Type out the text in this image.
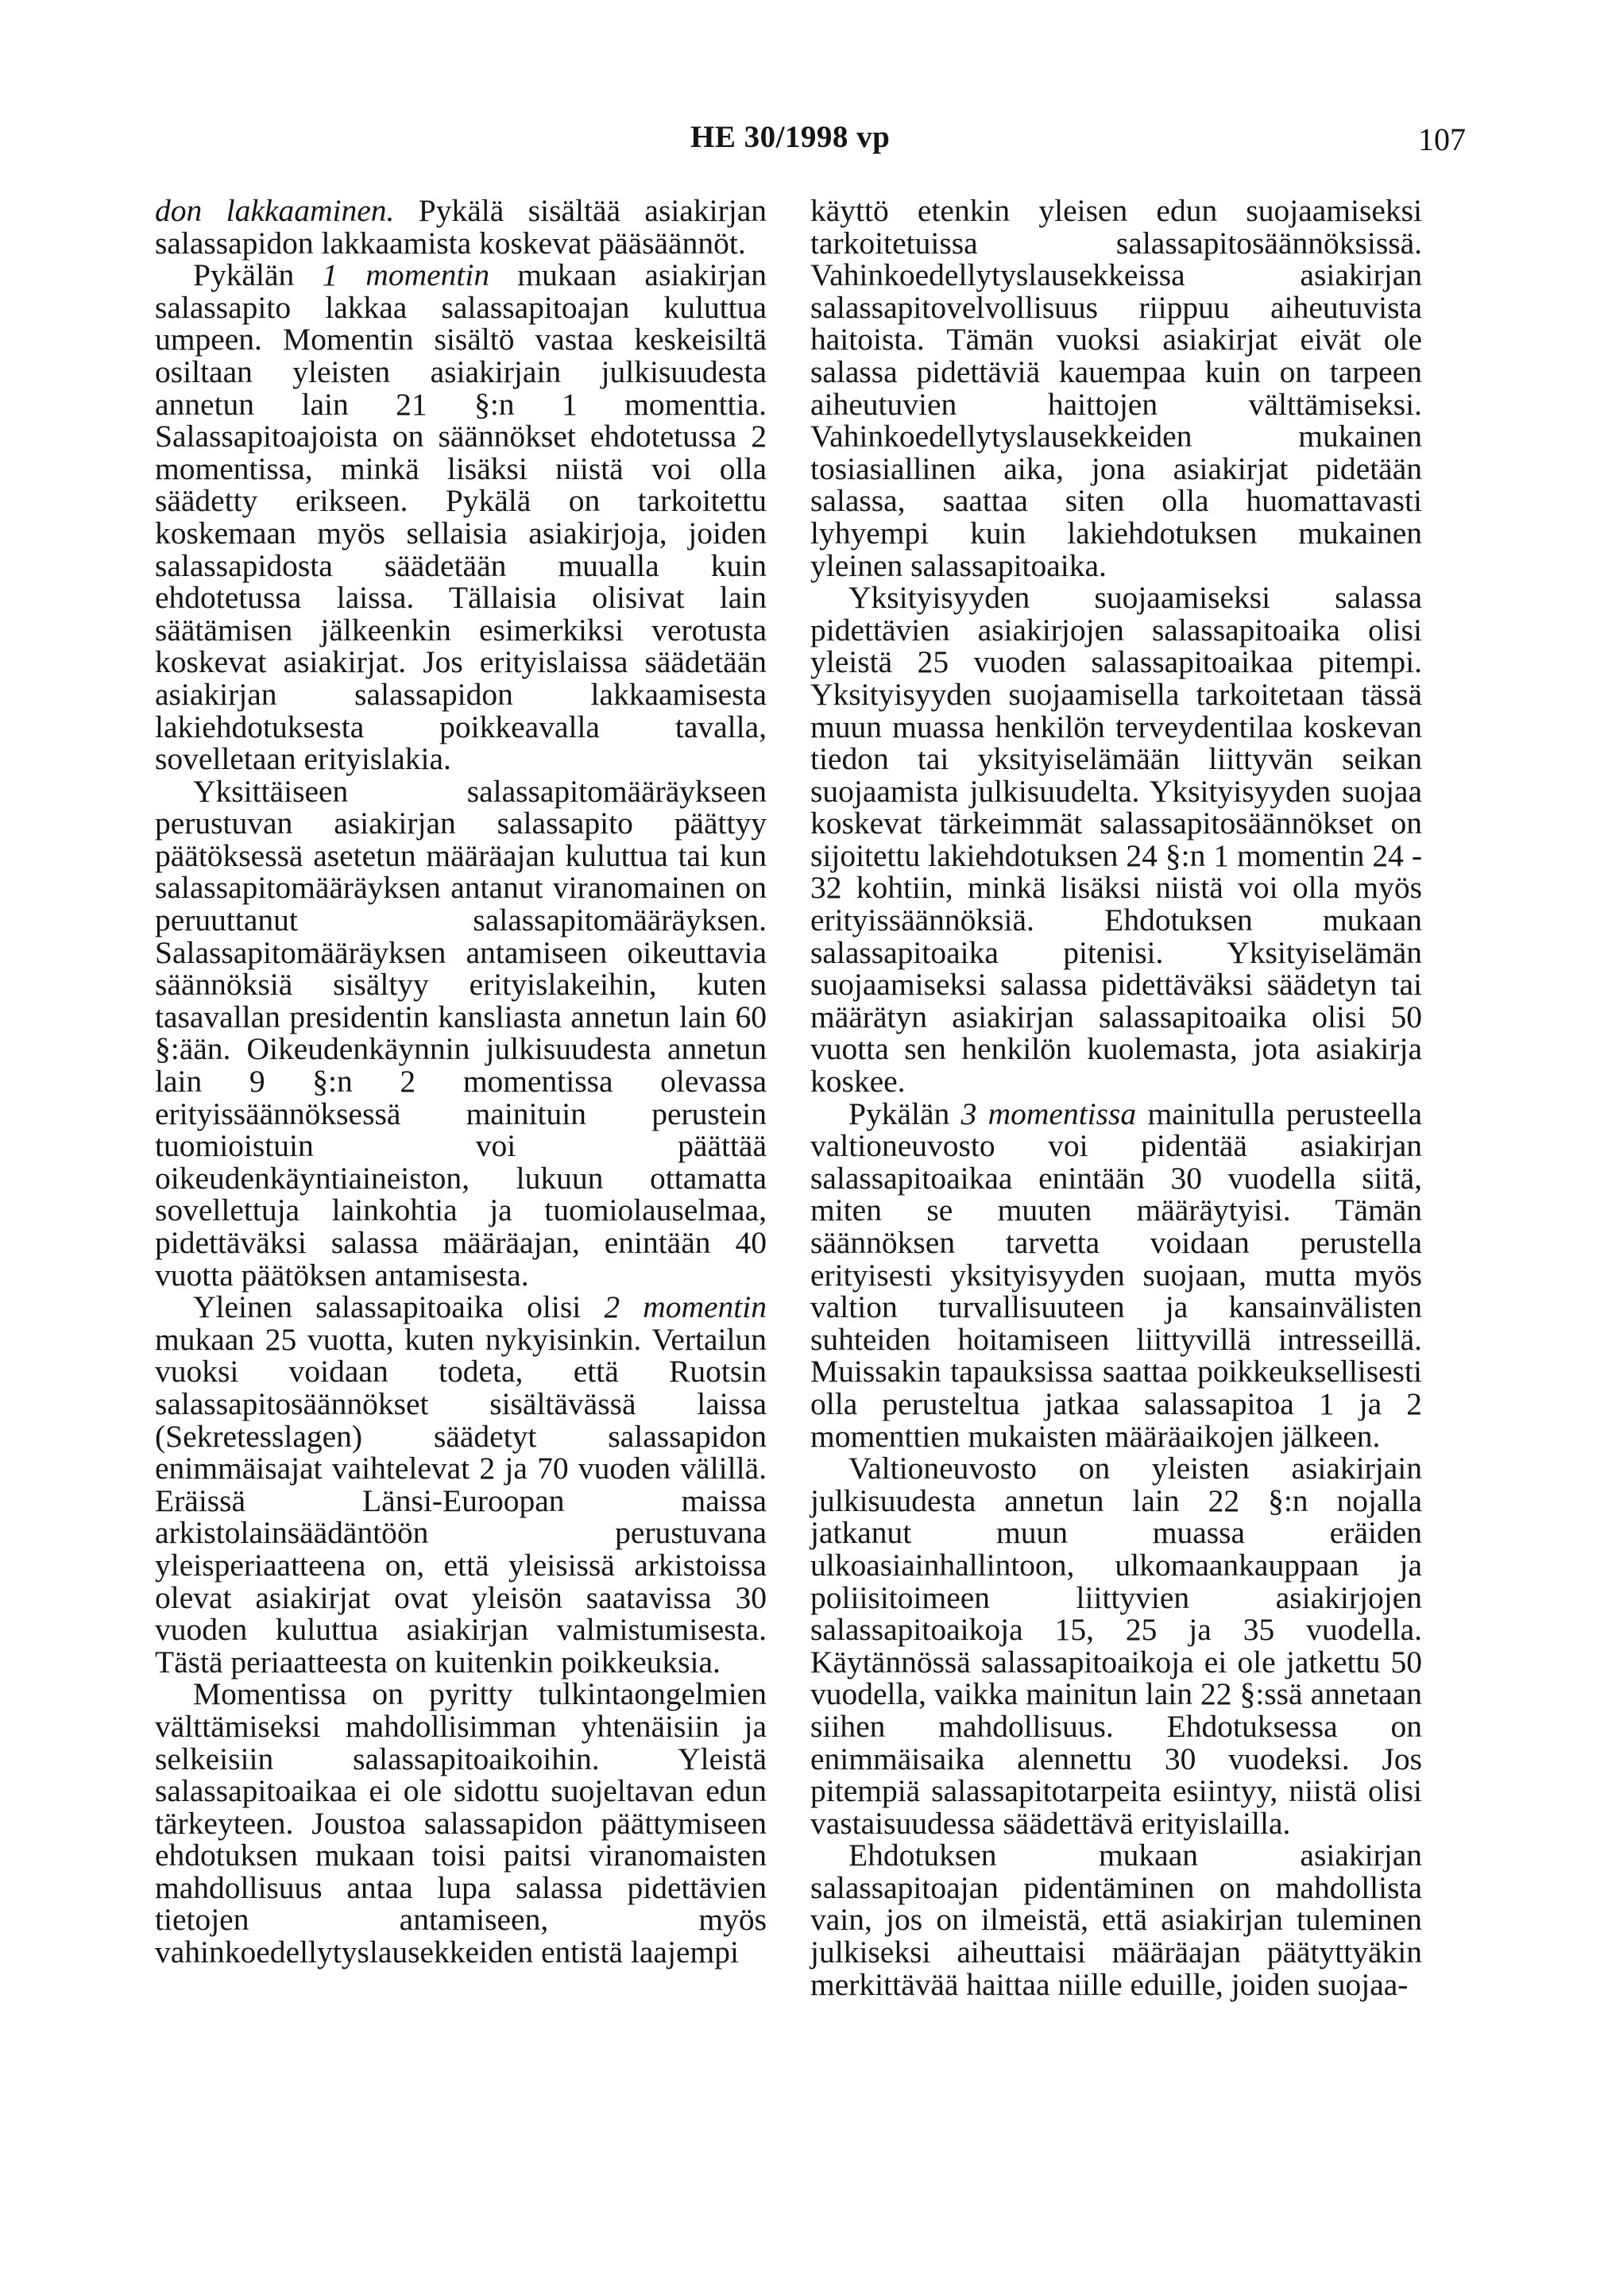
HE 30/1998 vp	107

don lakkaaminen. Pykälä sisältää asiakirjan salassapidon lakkaamista koskevat pääsäännöt.

Pykälän 1 momentin mukaan asiakirjan salassapito lakkaa salassapitoajan kuluttua umpeen. Momentin sisältö vastaa keskeisiltä osiltaan yleisten asiakirjain julkisuudesta annetun lain 21 §:n 1 momenttia. Salassapitoajoista on säännökset ehdotetussa 2 momentissa, minkä lisäksi niistä voi olla säädetty erikseen. Pykälä on tarkoitettu koskemaan myös sellaisia asiakirjoja, joiden salassapidosta säädetään muualla kuin ehdotetussa laissa. Tällaisia olisivat lain säätämisen jälkeenkin esimerkiksi verotusta koskevat asiakirjat. Jos erityislaissa säädetään asiakirjan salassapidon lakkaamisesta lakiehdotuksesta poikkeavalla tavalla, sovelletaan erityislakia.

Yksittäiseen salassapitomääräykseen perustuvan asiakirjan salassapito päättyy päätöksessä asetetun määräajan kuluttua tai kun salassapitomääräyksen antanut viranomainen on peruuttanut salassapitomääräyksen. Salassapitomääräyksen antamiseen oikeuttavia säännöksiä sisältyy erityislakeihin, kuten tasavallan presidentin kansliasta annetun lain 60 §:ään. Oikeudenkäynnin julkisuudesta annetun lain 9 §:n 2 momentissa olevassa erityissäännöksessä mainituin perustein tuomioistuin voi päättää oikeudenkäyntiaineiston, lukuun ottamatta sovellettuja lainkohtia ja tuomiolauselmaa, pidettäväksi salassa määräajan, enintään 40 vuotta päätöksen antamisesta.

Yleinen salassapitoaika olisi 2 momentin mukaan 25 vuotta, kuten nykyisinkin. Vertailun vuoksi voidaan todeta, että Ruotsin salassapitosäännökset sisältävässä laissa (Sekretesslagen) säädetyt salassapidon enimmäisajat vaihtelevat 2 ja 70 vuoden välillä. Eräissä Länsi-Euroopan maissa arkistolainsäädäntöön perustuvana yleisperiaatteena on, että yleisissä arkistoissa olevat asiakirjat ovat yleisön saatavissa 30 vuoden kuluttua asiakirjan valmistumisesta. Tästä periaatteesta on kuitenkin poikkeuksia.

Momentissa on pyritty tulkintaongelmien välttämiseksi mahdollisimman yhtenäisiin ja selkeisiin salassapitoaikoihin. Yleistä salassapitoaikaa ei ole sidottu suojeltavan edun tärkeyteen. Joustoa salassapidon päättymiseen ehdotuksen mukaan toisi paitsi viranomaisten mahdollisuus antaa lupa salassa pidettävien tietojen antamiseen, myös vahinkoedellytyslausekkeiden entistä laajempi

käyttö etenkin yleisen edun suojaamiseksi tarkoitetuissa salassapitosäännöksissä. Vahinkoedellytyslausekkeissa asiakirjan salassapitovelvollisuus riippuu aiheutuvista haitoista. Tämän vuoksi asiakirjat eivät ole salassa pidettäviä kauempaa kuin on tarpeen aiheutuvien haittojen välttämiseksi. Vahinkoedellytyslausekkeiden mukainen tosiasiallinen aika, jona asiakirjat pidetään salassa, saattaa siten olla huomattavasti lyhyempi kuin lakiehdotuksen mukainen yleinen salassapitoaika.

Yksityisyyden suojaamiseksi salassa pidettävien asiakirjojen salassapitoaika olisi yleistä 25 vuoden salassapitoaikaa pitempi. Yksityisyyden suojaamisella tarkoitetaan tässä muun muassa henkilön terveydentilaa koskevan tiedon tai yksityiselämään liittyvän seikan suojaamista julkisuudelta. Yksityisyyden suojaa koskevat tärkeimmät salassapitosäännökset on sijoitettu lakiehdotuksen 24 §:n 1 momentin 24 - 32 kohtiin, minkä lisäksi niistä voi olla myös erityissäännöksiä. Ehdotuksen mukaan salassapitoaika pitenisi. Yksityiselämän suojaamiseksi salassa pidettäväksi säädetyn tai määrätyn asiakirjan salassapitoaika olisi 50 vuotta sen henkilön kuolemasta, jota asiakirja koskee.

Pykälän 3 momentissa mainitulla perusteella valtioneuvosto voi pidentää asiakirjan salassapitoaikaa enintään 30 vuodella siitä, miten se muuten määräytyisi. Tämän säännöksen tarvetta voidaan perustella erityisesti yksityisyyden suojaan, mutta myös valtion turvallisuuteen ja kansainvälisten suhteiden hoitamiseen liittyvillä intresseillä. Muissakin tapauksissa saattaa poikkeuksellisesti olla perusteltua jatkaa salassapitoa 1 ja 2 momenttien mukaisten määräaikojen jälkeen.

Valtioneuvosto on yleisten asiakirjain julkisuudesta annetun lain 22 §:n nojalla jatkanut muun muassa eräiden ulkoasiainhallintoon, ulkomaankauppaan ja poliisitoimeen liittyvien asiakirjojen salassapitoaikoja 15, 25 ja 35 vuodella. Käytännössä salassapitoaikoja ei ole jatkettu 50 vuodella, vaikka mainitun lain 22 §:ssä annetaan siihen mahdollisuus. Ehdotuksessa on enimmäisaika alennettu 30 vuodeksi. Jos pitempiä salassapitotarpeita esiintyy, niistä olisi vastaisuudessa säädettävä erityislailla.

Ehdotuksen mukaan asiakirjan salassapitoajan pidentäminen on mahdollista vain, jos on ilmeistä, että asiakirjan tuleminen julkiseksi aiheuttaisi määräajan päätyttyäkin merkittävää haittaa niille eduille, joiden suojaa-
